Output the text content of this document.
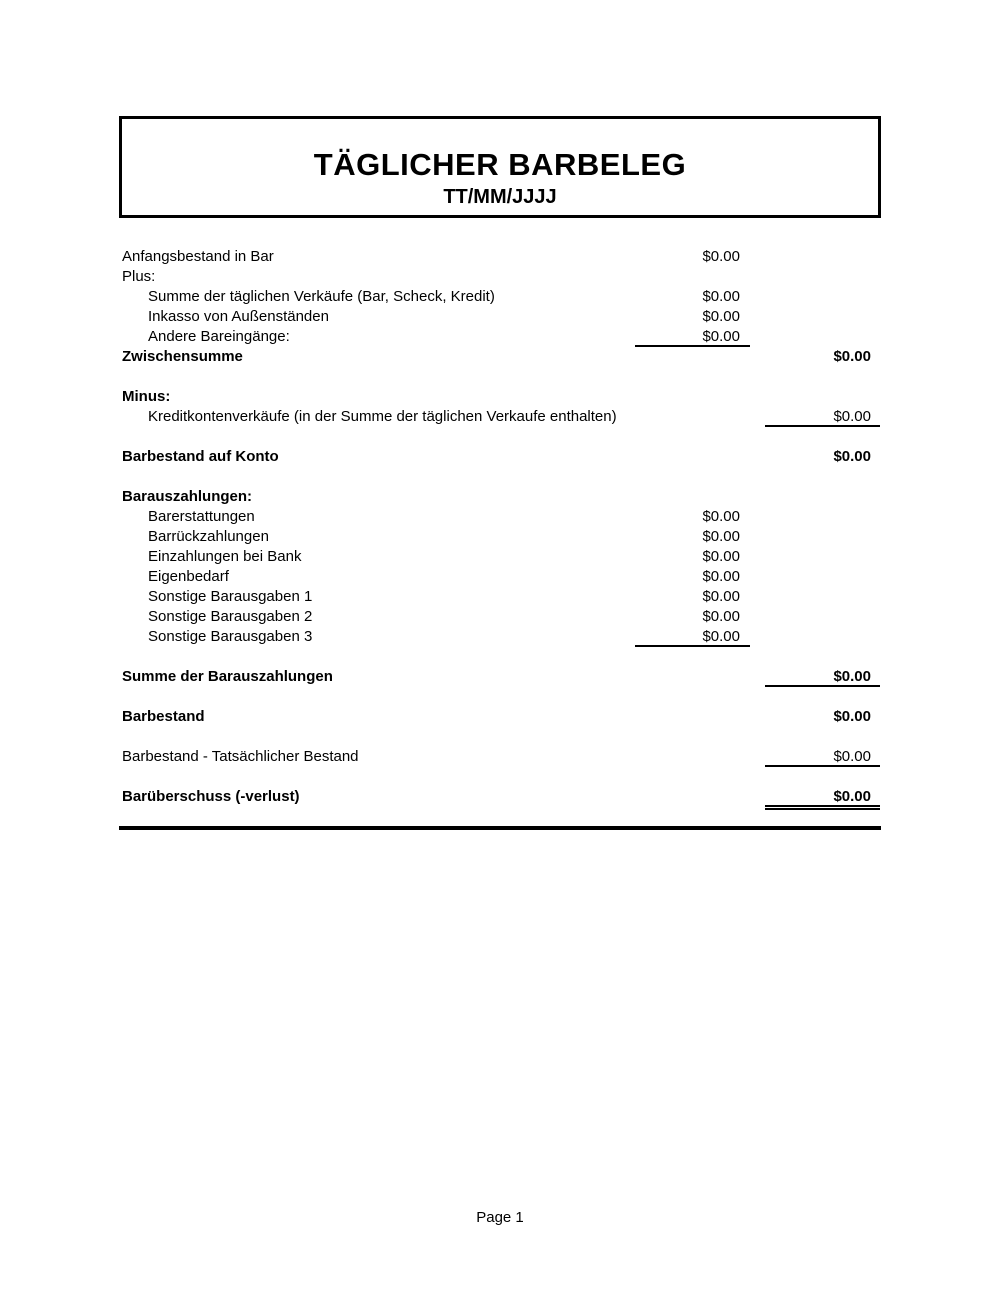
TÄGLICHER BARBELEG
TT/MM/JJJJ
Anfangsbestand in Bar	$0.00
Plus:
Summe der täglichen Verkäufe (Bar, Scheck, Kredit)	$0.00
Inkasso von Außenständen	$0.00
Andere Bareingänge:	$0.00
Zwischensumme	$0.00
Minus:
Kreditkontenverkäufe (in der Summe der täglichen Verkaufe enthalten)	$0.00
Barbestand auf Konto	$0.00
Barauszahlungen:
Barerstattungen	$0.00
Barrückzahlungen	$0.00
Einzahlungen bei Bank	$0.00
Eigenbedarf	$0.00
Sonstige Barausgaben 1	$0.00
Sonstige Barausgaben 2	$0.00
Sonstige Barausgaben 3	$0.00
Summe der Barauszahlungen	$0.00
Barbestand	$0.00
Barbestand - Tatsächlicher Bestand	$0.00
Barüberschuss (-verlust)	$0.00
Page 1
